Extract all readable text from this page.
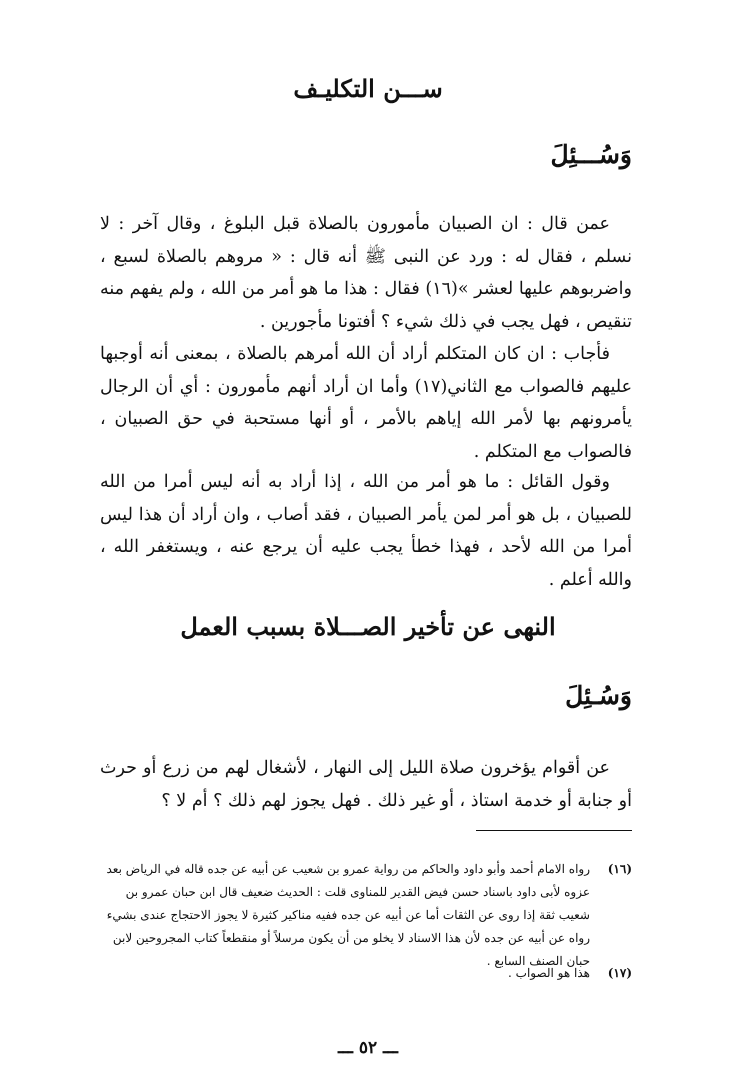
ســـن التكليـف
وَسُـــئِلَ

عمن قال : ان الصبيان مأمورون بالصلاة قبل البلوغ ، وقال آخر : لا نسلم ، فقال له : ورد عن النبى ﷺ أنه قال : « مروهم بالصلاة لسبع ، واضربوهم عليها لعشر »(١٦) فقال : هذا ما هو أمر من الله ، ولم يفهم منه تنقيص ، فهل يجب في ذلك شيء ؟ أفتونا مأجورين .

فأجاب : ان كان المتكلم أراد أن الله أمرهم بالصلاة ، بمعنى أنه أوجبها عليهم فالصواب مع الثاني(١٧) وأما ان أراد أنهم مأمورون : أي أن الرجال يأمرونهم بها لأمر الله إياهم بالأمر ، أو أنها مستحبة في حق الصبيان ، فالصواب مع المتكلم .

وقول القائل : ما هو أمر من الله ، إذا أراد به أنه ليس أمرا من الله للصبيان ، بل هو أمر لمن يأمر الصبيان ، فقد أصاب ، وان أراد أن هذا ليس أمرا من الله لأحد ، فهذا خطأ يجب عليه أن يرجع عنه ، ويستغفر الله ، والله أعلم .

النهى عن تأخير الصـــلاة بسبب العمل
وَسُـئِلَ

عن أقوام يؤخرون صلاة الليل إلى النهار ، لأشغال لهم من زرع أو حرث أو جنابة أو خدمة استاذ ، أو غير ذلك . فهل يجوز لهم ذلك ؟ أم لا ؟

(١٦)
رواه الامام أحمد وأبو داود والحاكم من رواية عمرو بن شعيب عن أبيه عن جده قاله في الرياض بعد عزوه لأبى داود باسناد حسن فيض القدير للمناوى قلت : الحديث ضعيف قال ابن حبان عمرو بن شعيب ثقة إذا روى عن الثقات أما عن أبيه عن جده ففيه مناكير كثيرة لا يجوز الاحتجاج عندى بشيء رواه عن أبيه عن جده لأن هذا الاسناد لا يخلو من أن يكون مرسلاً أو منقطعاً كتاب المجروحين لابن حبان الصنف السابع .
(١٧)
هذا هو الصواب .
ـــ ٥٢ ـــ
